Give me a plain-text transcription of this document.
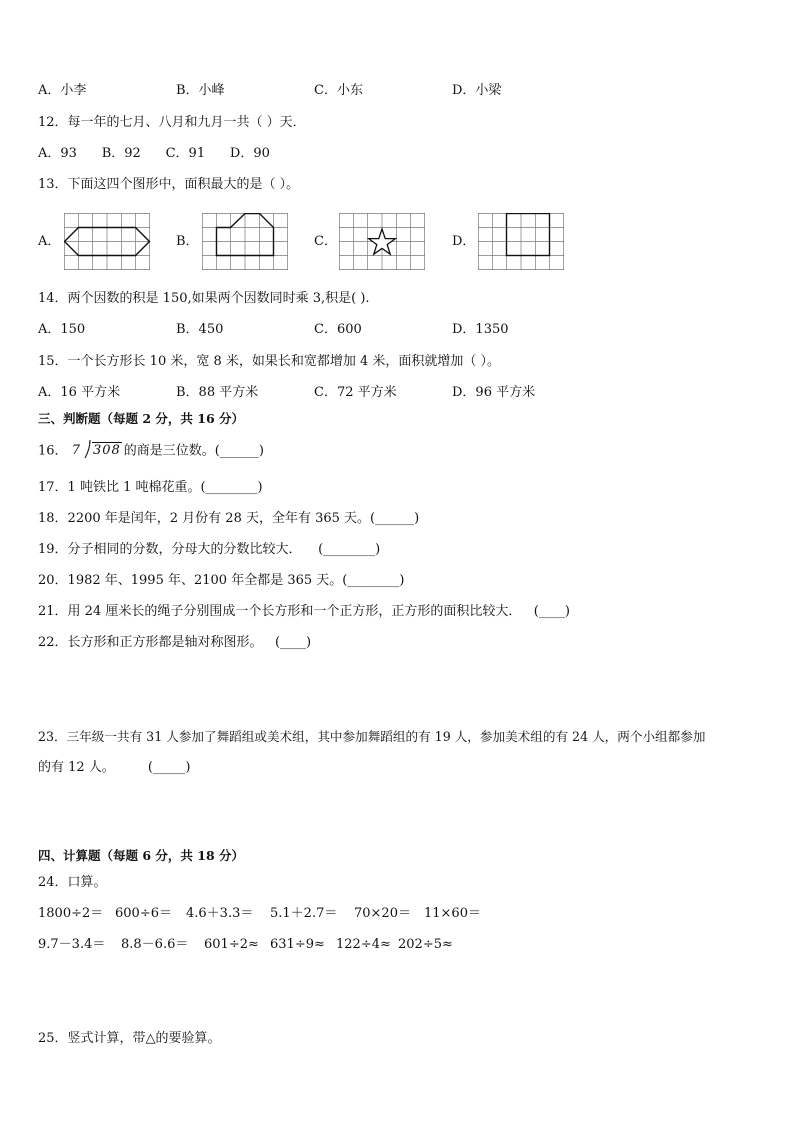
A．小李	B．小峰	C．小东	D．小梁
12．每一年的七月、八月和九月一共（ ）天．
A．93      B．92      C．91      D．90
13．下面这四个图形中，面积最大的是（ ）。
A．	B．	C．	D．
14．两个因数的积是 150,如果两个因数同时乘 3,积是( ).
A．150	B．450	C．600	D．1350
15．一个长方形长 10 米，宽 8 米，如果长和宽都增加 4 米，面积就增加（ ）。
A．16 平方米	B．88 平方米	C．72 平方米	D．96 平方米
三、判断题（每题 2 分，共 16 分）
16． 7 308 的商是三位数。(______)
17．1 吨铁比 1 吨棉花重。(________)
18．2200 年是闰年，2 月份有 28 天，全年有 365 天。(______)
19．分子相同的分数，分母大的分数比较大．    (________)
20．1982 年、1995 年、2100 年全都是 365 天。(________)
21．用 24 厘米长的绳子分别围成一个长方形和一个正方形，正方形的面积比较大．   (____)
22．长方形和正方形都是轴对称图形。   (____)
23．三年级一共有 31 人参加了舞蹈组或美术组，其中参加舞蹈组的有 19 人，参加美术组的有 24 人，两个小组都参加
的有 12 人。        (_____)
四、计算题（每题 6 分，共 18 分）
24．口算。
1800÷2＝ 600÷6＝ 4.6＋3.3＝ 5.1＋2.7＝ 70×20＝ 11×60＝
9.7－3.4＝ 8.8－6.6＝ 601÷2≈ 631÷9≈ 122÷4≈ 202÷5≈
25．竖式计算，带△的要验算。
